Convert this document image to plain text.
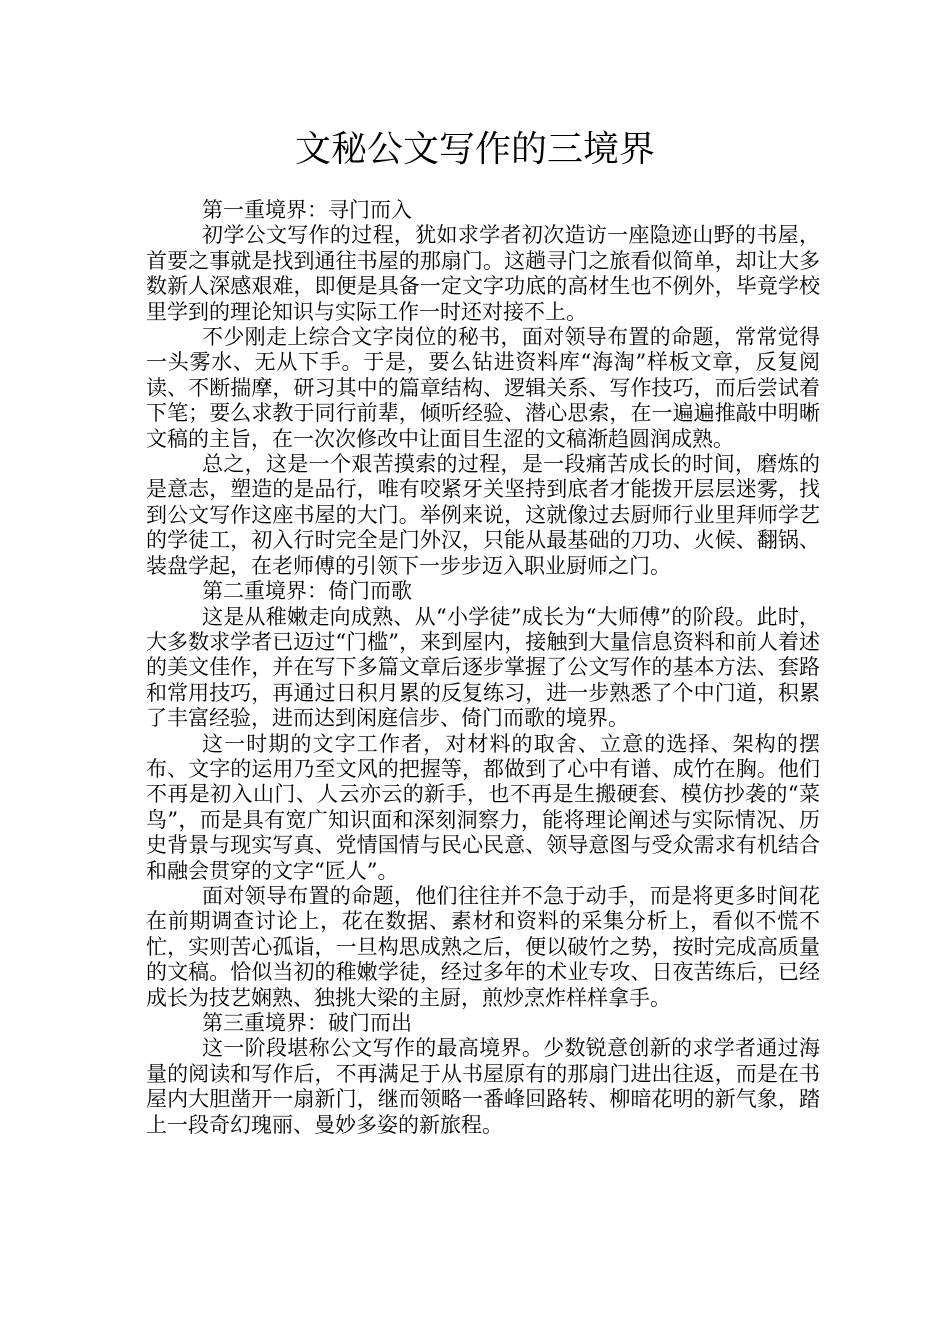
文秘公文写作的三境界

第一重境界：寻门而入

初学公文写作的过程，犹如求学者初次造访一座隐迹山野的书屋，首要之事就是找到通往书屋的那扇门。这趟寻门之旅看似简单，却让大多数新人深感艰难，即便是具备一定文字功底的高材生也不例外，毕竟学校里学到的理论知识与实际工作一时还对接不上。

不少刚走上综合文字岗位的秘书，面对领导布置的命题，常常觉得一头雾水、无从下手。于是，要么钻进资料库“海淘”样板文章，反复阅读、不断揣摩，研习其中的篇章结构、逻辑关系、写作技巧，而后尝试着下笔；要么求教于同行前辈，倾听经验、潜心思索，在一遍遍推敲中明晰文稿的主旨，在一次次修改中让面目生涩的文稿渐趋圆润成熟。

总之，这是一个艰苦摸索的过程，是一段痛苦成长的时间，磨炼的是意志，塑造的是品行，唯有咬紧牙关坚持到底者才能拨开层层迷雾，找到公文写作这座书屋的大门。举例来说，这就像过去厨师行业里拜师学艺的学徒工，初入行时完全是门外汉，只能从最基础的刀功、火候、翻锅、装盘学起，在老师傅的引领下一步步迈入职业厨师之门。

第二重境界：倚门而歌

这是从稚嫩走向成熟、从“小学徒”成长为“大师傅”的阶段。此时，大多数求学者已迈过“门槛”，来到屋内，接触到大量信息资料和前人着述的美文佳作，并在写下多篇文章后逐步掌握了公文写作的基本方法、套路和常用技巧，再通过日积月累的反复练习，进一步熟悉了个中门道，积累了丰富经验，进而达到闲庭信步、倚门而歌的境界。

这一时期的文字工作者，对材料的取舍、立意的选择、架构的摆布、文字的运用乃至文风的把握等，都做到了心中有谱、成竹在胸。他们不再是初入山门、人云亦云的新手，也不再是生搬硬套、模仿抄袭的“菜鸟”，而是具有宽广知识面和深刻洞察力，能将理论阐述与实际情况、历史背景与现实写真、党情国情与民心民意、领导意图与受众需求有机结合和融会贯穿的文字“匠人”。

面对领导布置的命题，他们往往并不急于动手，而是将更多时间花在前期调查讨论上，花在数据、素材和资料的采集分析上，看似不慌不忙，实则苦心孤诣，一旦构思成熟之后，便以破竹之势，按时完成高质量的文稿。恰似当初的稚嫩学徒，经过多年的术业专攻、日夜苦练后，已经成长为技艺娴熟、独挑大梁的主厨，煎炒烹炸样样拿手。

第三重境界：破门而出

这一阶段堪称公文写作的最高境界。少数锐意创新的求学者通过海量的阅读和写作后，不再满足于从书屋原有的那扇门进出往返，而是在书屋内大胆凿开一扇新门，继而领略一番峰回路转、柳暗花明的新气象，踏上一段奇幻瑰丽、曼妙多姿的新旅程。
